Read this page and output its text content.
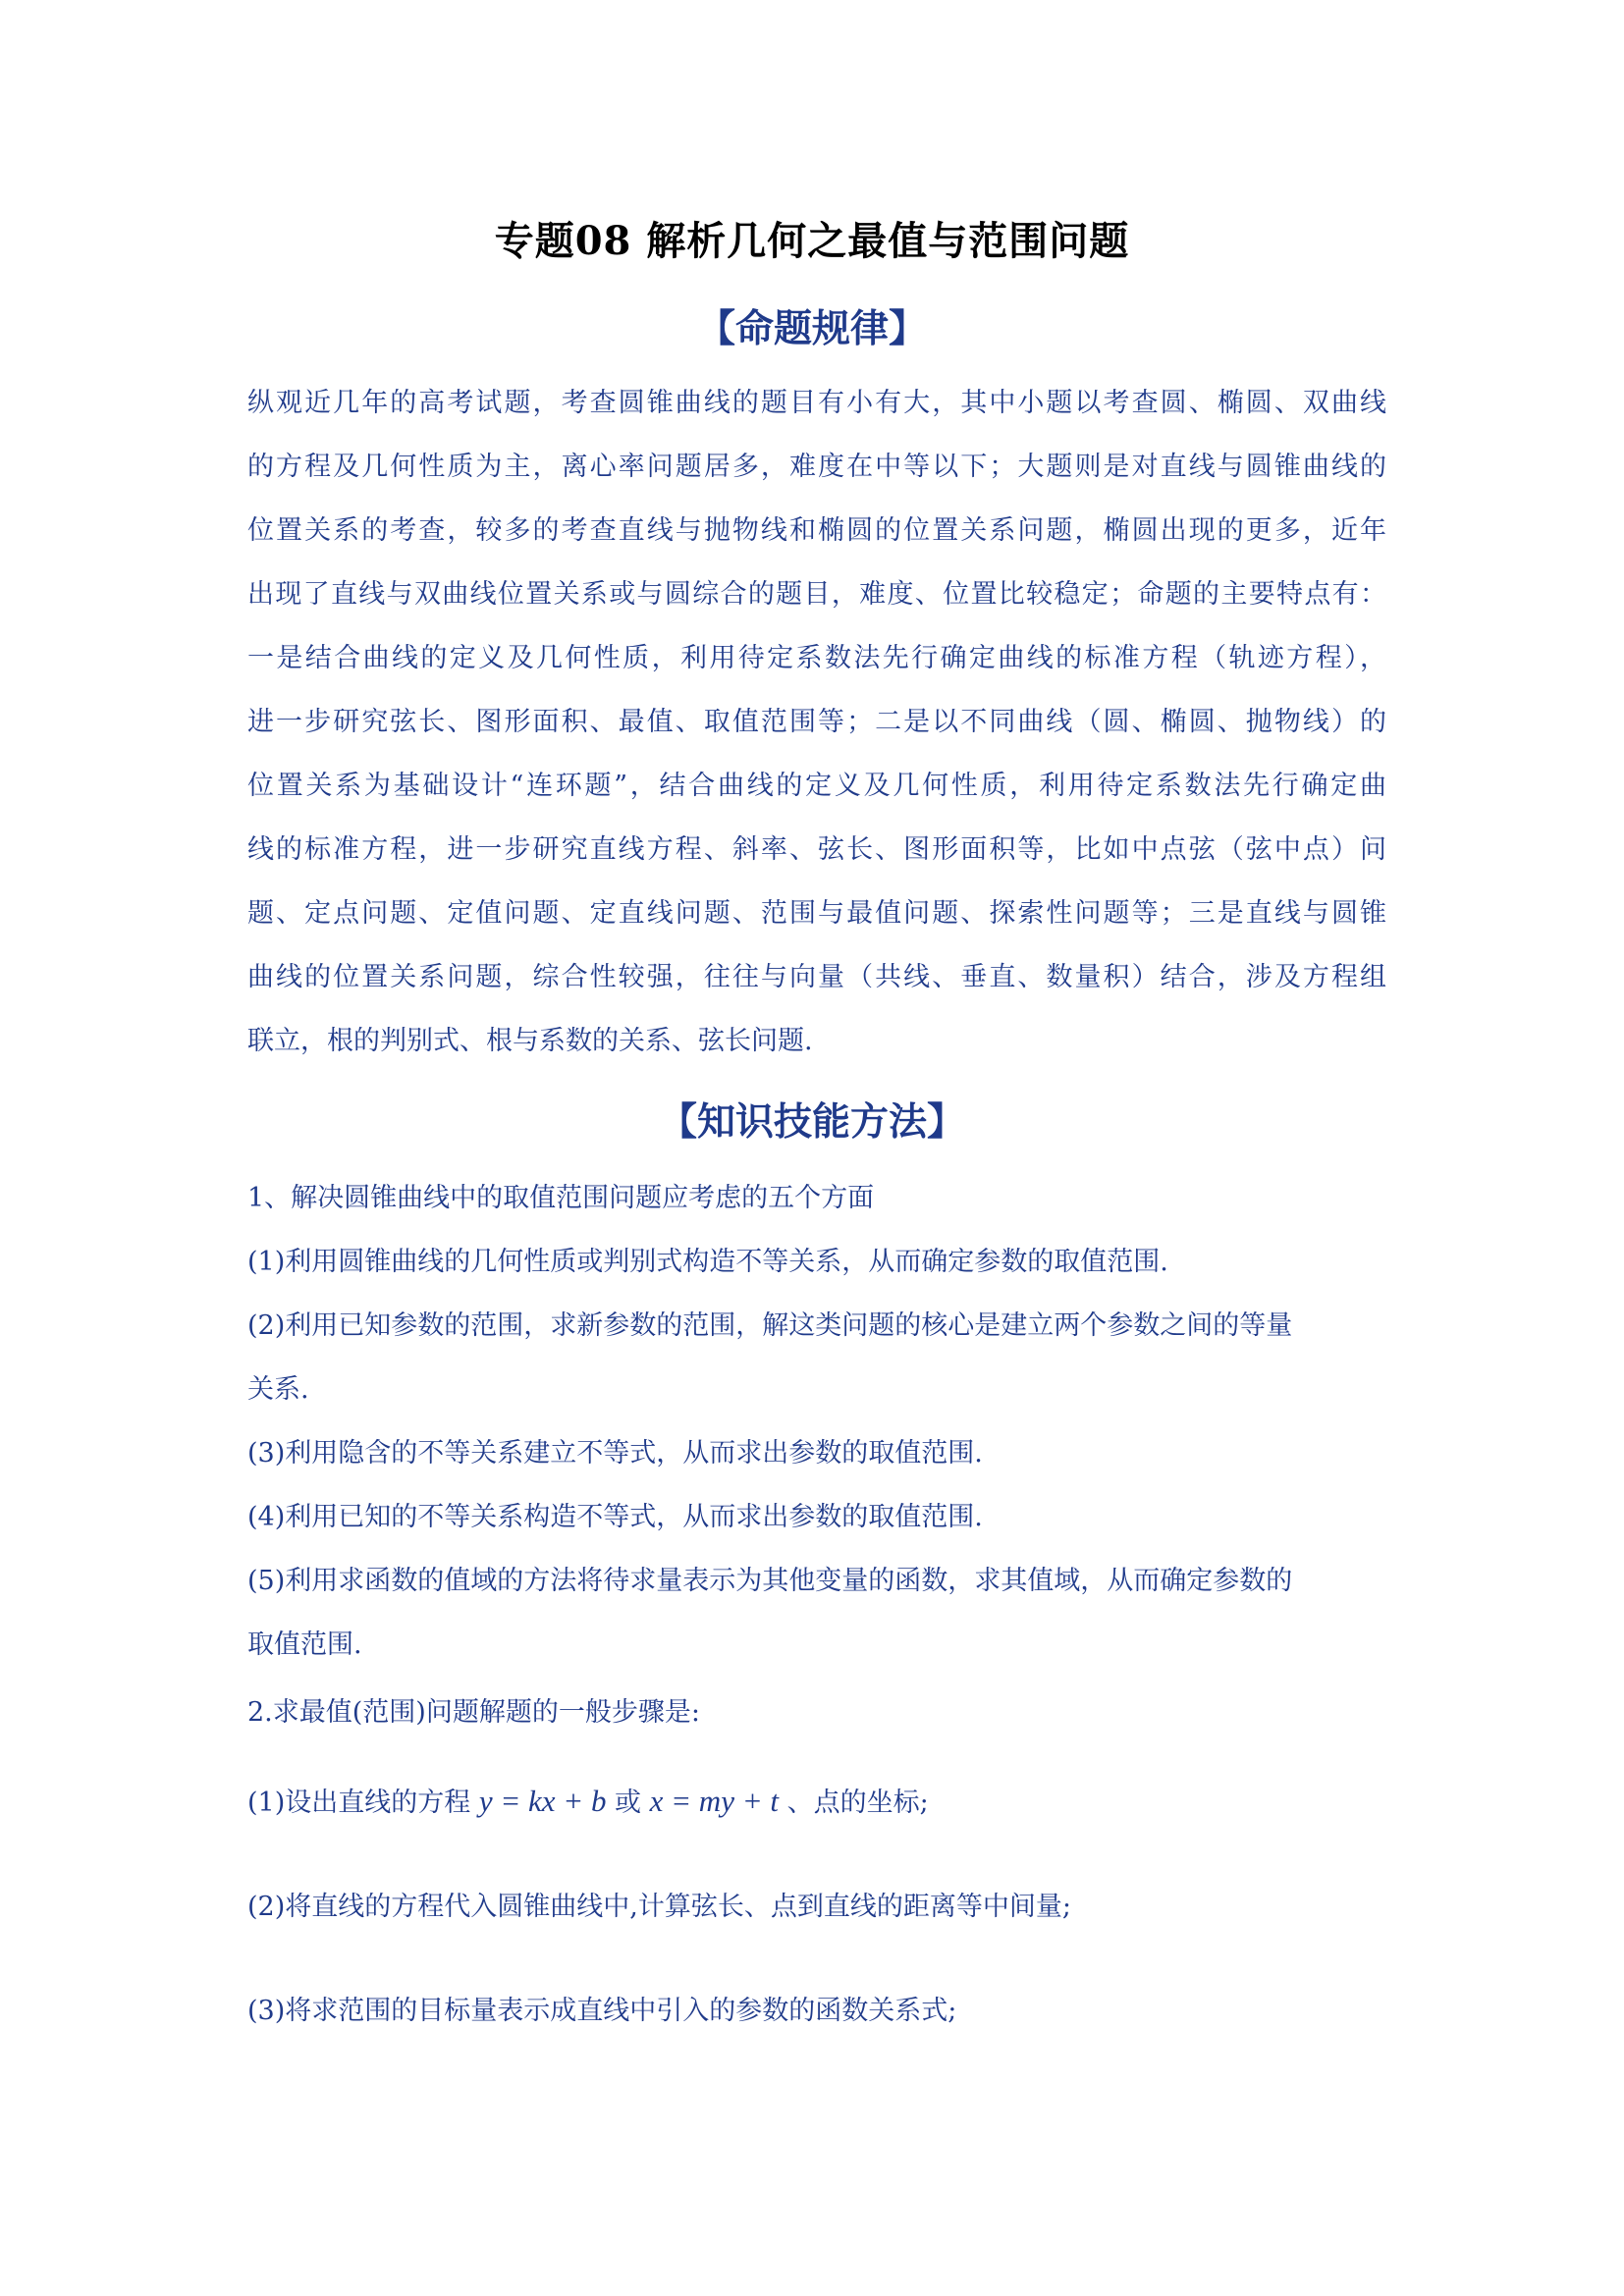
专题08 解析几何之最值与范围问题
【命题规律】
纵观近几年的高考试题，考查圆锥曲线的题目有小有大，其中小题以考查圆、椭圆、双曲线
的方程及几何性质为主，离心率问题居多，难度在中等以下；大题则是对直线与圆锥曲线的
位置关系的考查，较多的考查直线与抛物线和椭圆的位置关系问题，椭圆出现的更多，近年
出现了直线与双曲线位置关系或与圆综合的题目，难度、位置比较稳定；命题的主要特点有：
一是结合曲线的定义及几何性质，利用待定系数法先行确定曲线的标准方程（轨迹方程），
进一步研究弦长、图形面积、最值、取值范围等；二是以不同曲线（圆、椭圆、抛物线）的
位置关系为基础设计“连环题”，结合曲线的定义及几何性质，利用待定系数法先行确定曲
线的标准方程，进一步研究直线方程、斜率、弦长、图形面积等，比如中点弦（弦中点）问
题、定点问题、定值问题、定直线问题、范围与最值问题、探索性问题等；三是直线与圆锥
曲线的位置关系问题，综合性较强，往往与向量（共线、垂直、数量积）结合，涉及方程组
联立，根的判别式、根与系数的关系、弦长问题.
【知识技能方法】
1、解决圆锥曲线中的取值范围问题应考虑的五个方面
(1)利用圆锥曲线的几何性质或判别式构造不等关系，从而确定参数的取值范围.
(2)利用已知参数的范围，求新参数的范围，解这类问题的核心是建立两个参数之间的等量
关系.
(3)利用隐含的不等关系建立不等式，从而求出参数的取值范围.
(4)利用已知的不等关系构造不等式，从而求出参数的取值范围.
(5)利用求函数的值域的方法将待求量表示为其他变量的函数，求其值域，从而确定参数的
取值范围.
2.求最值(范围)问题解题的一般步骤是:
(1)设出直线的方程 y = kx + b 或 x = my + t 、点的坐标;
(2)将直线的方程代入圆锥曲线中,计算弦长、点到直线的距离等中间量;
(3)将求范围的目标量表示成直线中引入的参数的函数关系式;
